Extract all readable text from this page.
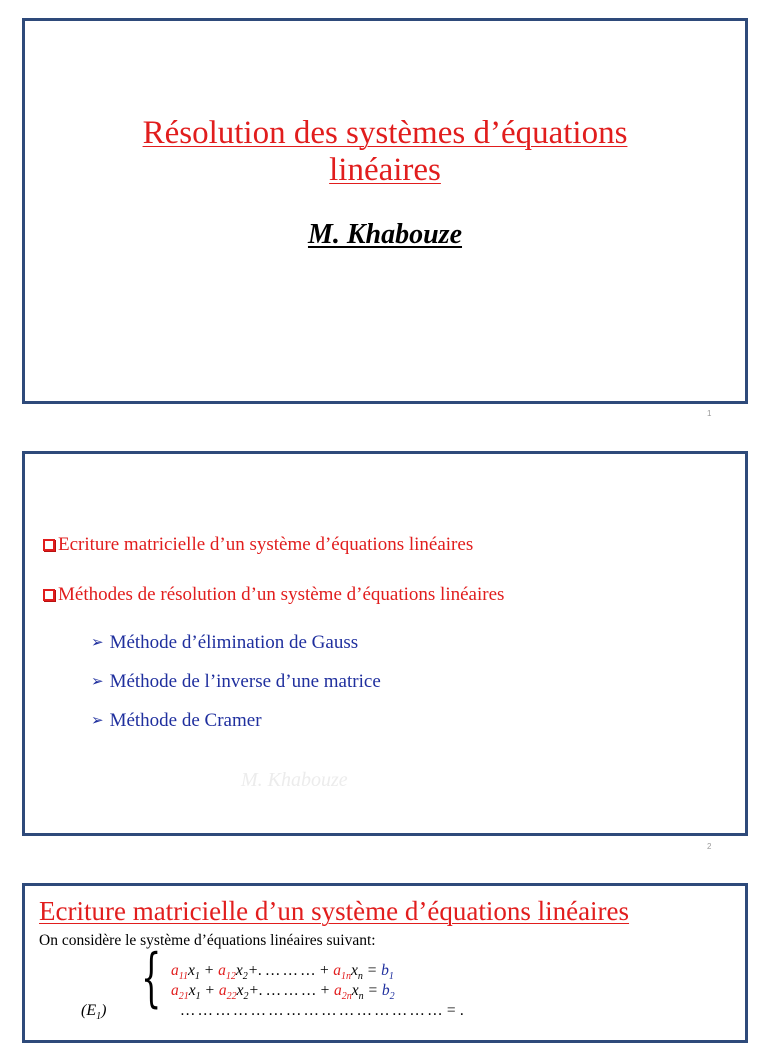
Résolution des systèmes d’équations
linéaires
M. Khabouze
1
Ecriture matricielle d’un système d’équations linéaires
Méthodes de résolution d’un système d’équations linéaires
➢ Méthode d’élimination de Gauss
➢ Méthode de l’inverse d’une matrice
➢ Méthode de Cramer
M. Khabouze
2
Ecriture matricielle d’un système d’équations linéaires
On considère le système d’équations linéaires suivant:
$(E_1)$ { $a_{11}x_1 + a_{12}x_2+$. … … … + $a_{1n}x_n = b_1$
$a_{21}x_1 + a_{22}x_2+$. … … … + $a_{2n}x_n = b_2$
… … … … … … … … … … … … … … … = .
